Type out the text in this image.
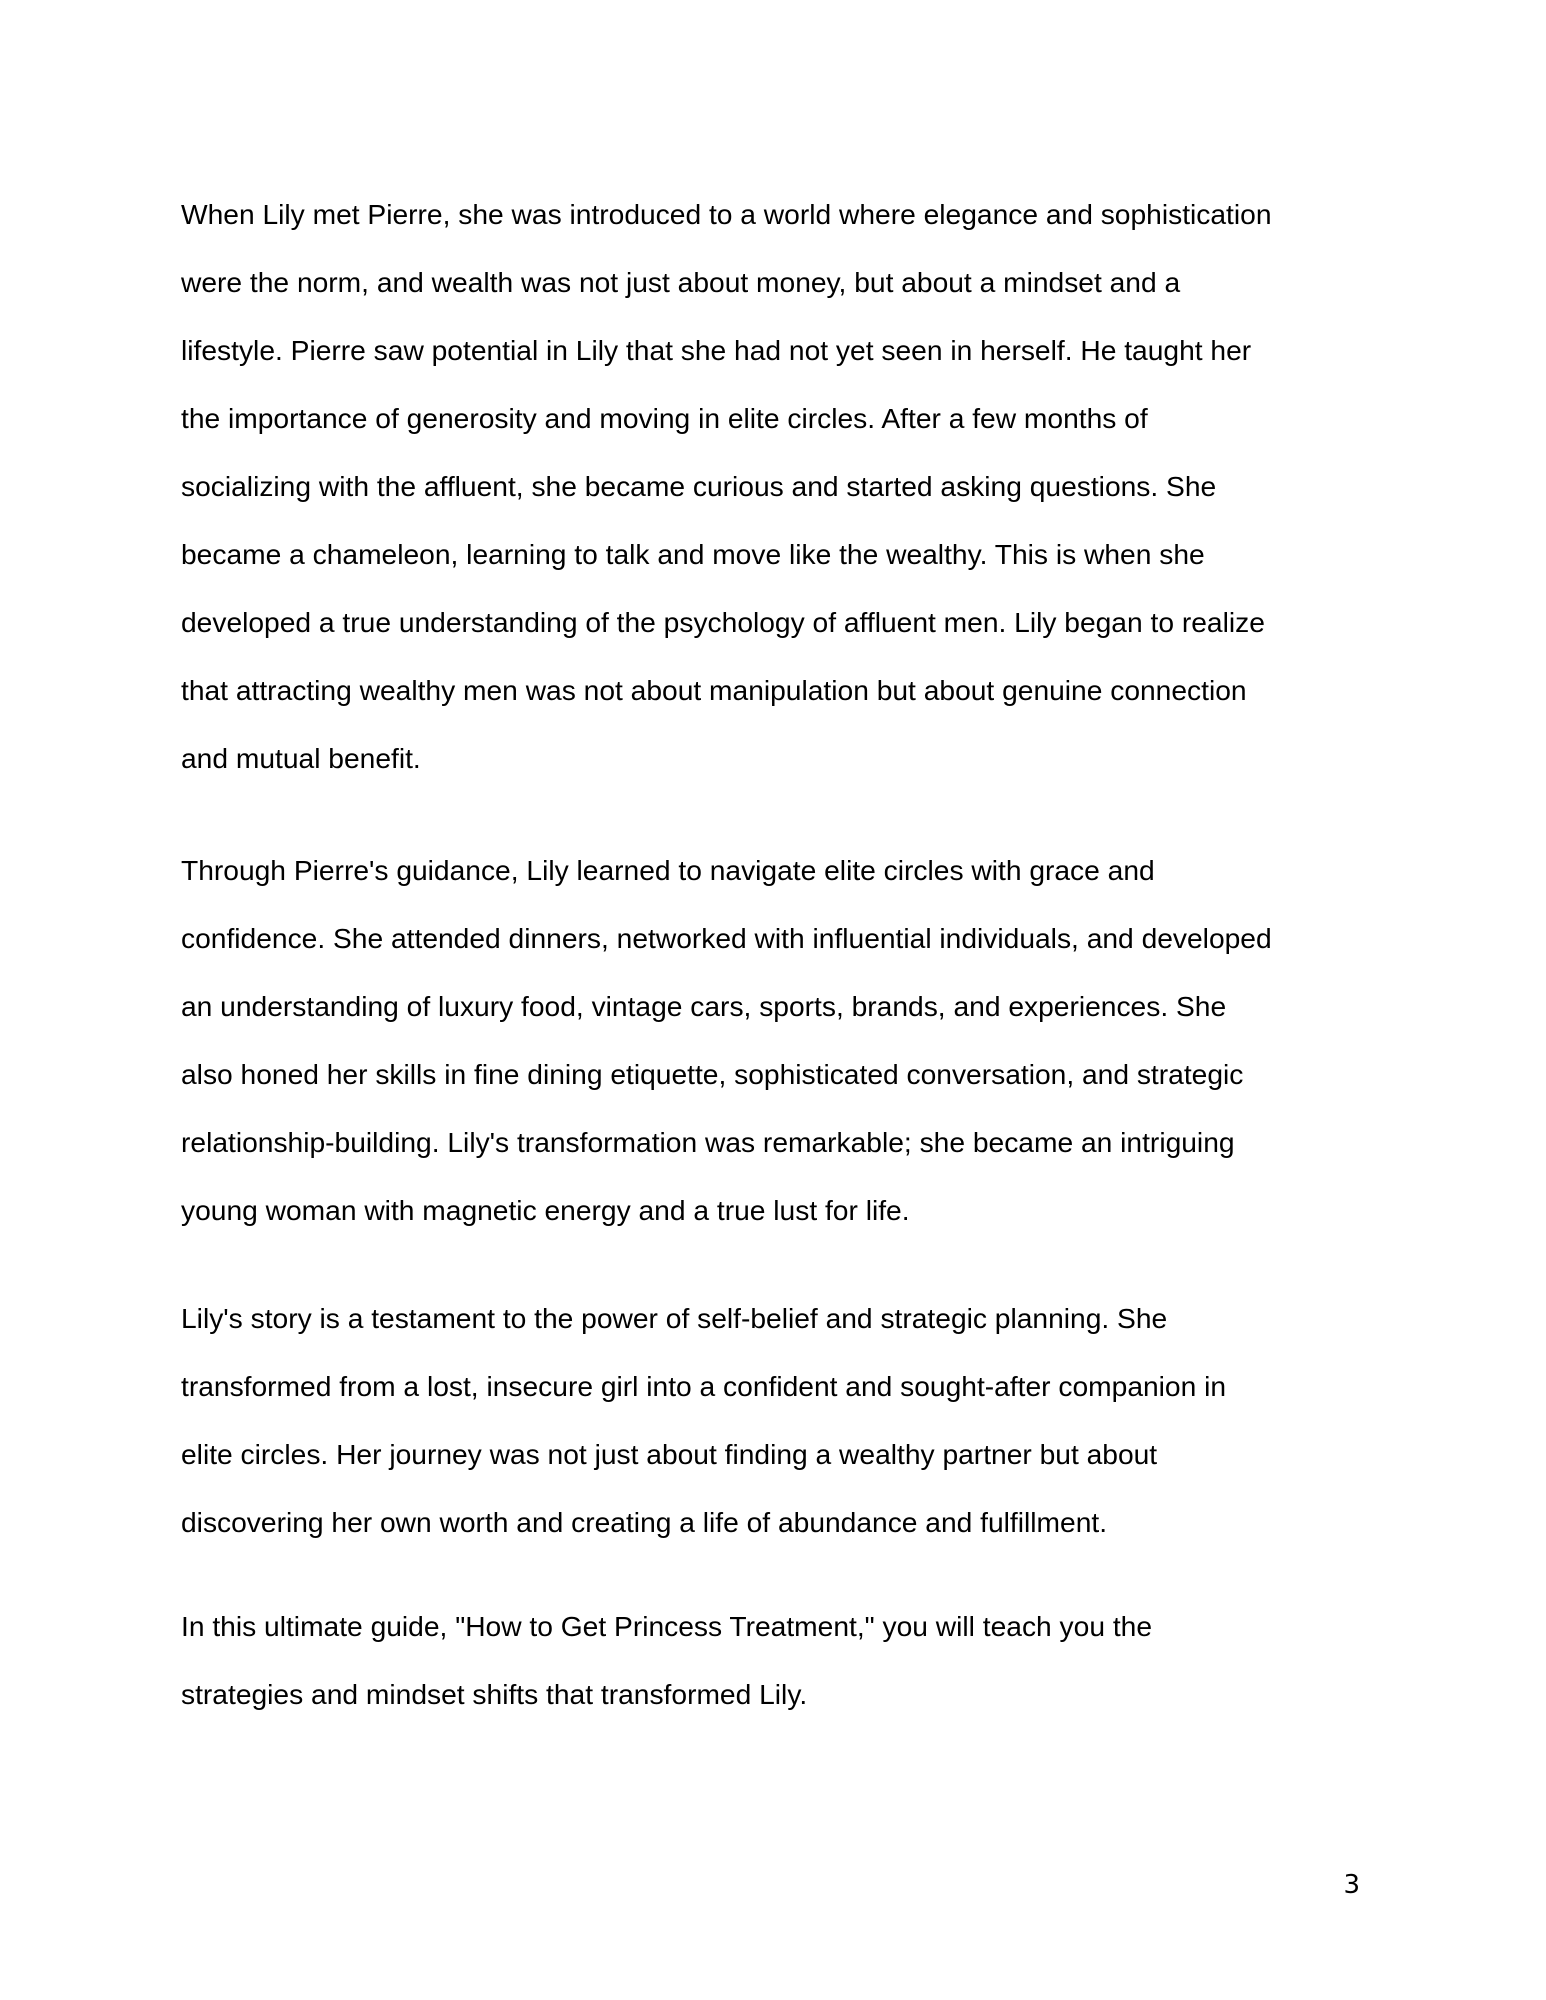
When Lily met Pierre, she was introduced to a world where elegance and sophistication
were the norm, and wealth was not just about money, but about a mindset and a
lifestyle. Pierre saw potential in Lily that she had not yet seen in herself. He taught her
the importance of generosity and moving in elite circles. After a few months of
socializing with the affluent, she became curious and started asking questions. She
became a chameleon, learning to talk and move like the wealthy. This is when she
developed a true understanding of the psychology of affluent men. Lily began to realize
that attracting wealthy men was not about manipulation but about genuine connection
and mutual benefit.

Through Pierre's guidance, Lily learned to navigate elite circles with grace and
confidence. She attended dinners, networked with influential individuals, and developed
an understanding of luxury food, vintage cars, sports, brands, and experiences. She
also honed her skills in fine dining etiquette, sophisticated conversation, and strategic
relationship-building. Lily's transformation was remarkable; she became an intriguing
young woman with magnetic energy and a true lust for life.

Lily's story is a testament to the power of self-belief and strategic planning. She
transformed from a lost, insecure girl into a confident and sought-after companion in
elite circles. Her journey was not just about finding a wealthy partner but about
discovering her own worth and creating a life of abundance and fulfillment.

In this ultimate guide, "How to Get Princess Treatment," you will teach you the
strategies and mindset shifts that transformed Lily.

3
